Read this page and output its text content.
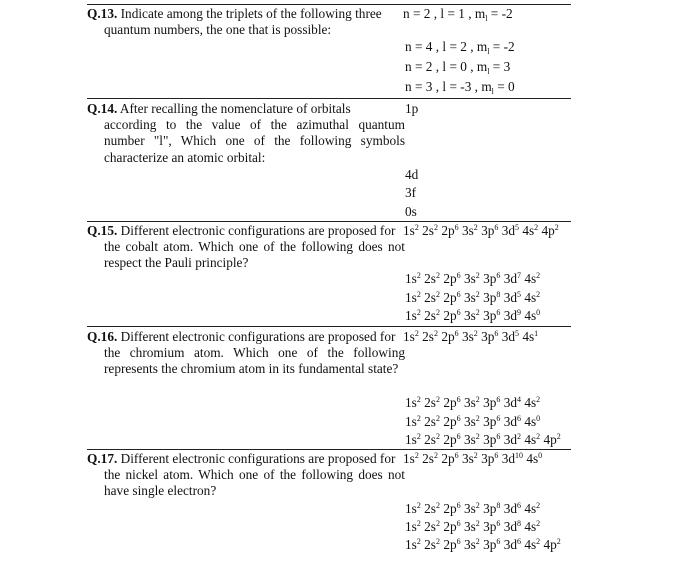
Q.13. Indicate among the triplets of the following three
quantum numbers, the one that is possible:
n = 2 , l = 1 , $m_l = -2$
n = 4 , l = 2 , $m_l = -2$
n = 2 , l = 0 , $m_l = 3$
n = 3 , l = -3 , $m_l = 0$
Q.14. After recalling the nomenclature of orbitals
according to the value of the azimuthal quantum number "l", Which one of the following symbols characterize an atomic orbital:
1p
4d
3f
0s
Q.15. Different electronic configurations are proposed for
the cobalt atom. Which one of the following does not respect the Pauli principle?
$1s^2$ $2s^2$ $2p^6$ $3s^2$ $3p^6$ $3d^5$ $4s^2$ $4p^2$
$1s^2$ $2s^2$ $2p^6$ $3s^2$ $3p^6$ $3d^7$ $4s^2$
$1s^2$ $2s^2$ $2p^6$ $3s^2$ $3p^8$ $3d^5$ $4s^2$
$1s^2$ $2s^2$ $2p^6$ $3s^2$ $3p^6$ $3d^9$ $4s^0$
Q.16. Different electronic configurations are proposed for
the chromium atom. Which one of the following represents the chromium atom in its fundamental state?
$1s^2$ $2s^2$ $2p^6$ $3s^2$ $3p^6$ $3d^5$ $4s^1$
$1s^2$ $2s^2$ $2p^6$ $3s^2$ $3p^6$ $3d^4$ $4s^2$
$1s^2$ $2s^2$ $2p^6$ $3s^2$ $3p^6$ $3d^6$ $4s^0$
$1s^2$ $2s^2$ $2p^6$ $3s^2$ $3p^6$ $3d^2$ $4s^2$ $4p^2$
Q.17. Different electronic configurations are proposed for
the nickel atom. Which one of the following does not have single electron?
$1s^2$ $2s^2$ $2p^6$ $3s^2$ $3p^6$ $3d^{10}$ $4s^0$
$1s^2$ $2s^2$ $2p^6$ $3s^2$ $3p^8$ $3d^6$ $4s^2$
$1s^2$ $2s^2$ $2p^6$ $3s^2$ $3p^6$ $3d^8$ $4s^2$
$1s^2$ $2s^2$ $2p^6$ $3s^2$ $3p^6$ $3d^6$ $4s^2$ $4p^2$
